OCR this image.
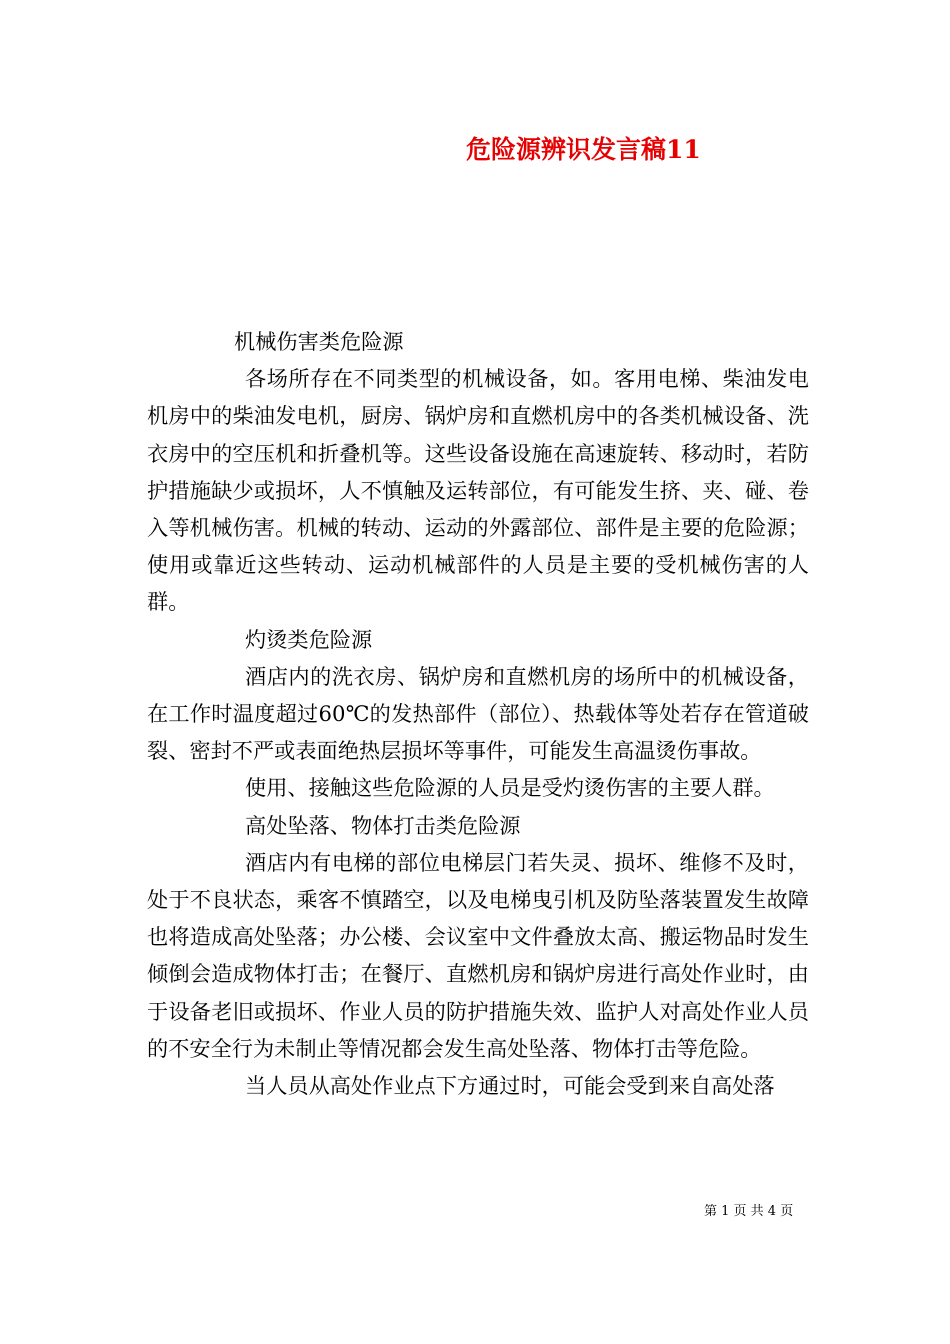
危险源辨识发言稿11

机械伤害类危险源

各场所存在不同类型的机械设备，如。客用电梯、柴油发电机房中的柴油发电机，厨房、锅炉房和直燃机房中的各类机械设备、洗衣房中的空压机和折叠机等。这些设备设施在高速旋转、移动时，若防护措施缺少或损坏，人不慎触及运转部位，有可能发生挤、夹、碰、卷入等机械伤害。机械的转动、运动的外露部位、部件是主要的危险源；使用或靠近这些转动、运动机械部件的人员是主要的受机械伤害的人群。

灼烫类危险源

酒店内的洗衣房、锅炉房和直燃机房的场所中的机械设备，在工作时温度超过60℃的发热部件（部位）、热载体等处若存在管道破裂、密封不严或表面绝热层损坏等事件，可能发生高温烫伤事故。

使用、接触这些危险源的人员是受灼烫伤害的主要人群。

高处坠落、物体打击类危险源

酒店内有电梯的部位电梯层门若失灵、损坏、维修不及时，处于不良状态，乘客不慎踏空，以及电梯曳引机及防坠落装置发生故障也将造成高处坠落；办公楼、会议室中文件叠放太高、搬运物品时发生倾倒会造成物体打击；在餐厅、直燃机房和锅炉房进行高处作业时，由于设备老旧或损坏、作业人员的防护措施失效、监护人对高处作业人员的不安全行为未制止等情况都会发生高处坠落、物体打击等危险。

当人员从高处作业点下方通过时，可能会受到来自高处落

第 1 页 共 4 页
